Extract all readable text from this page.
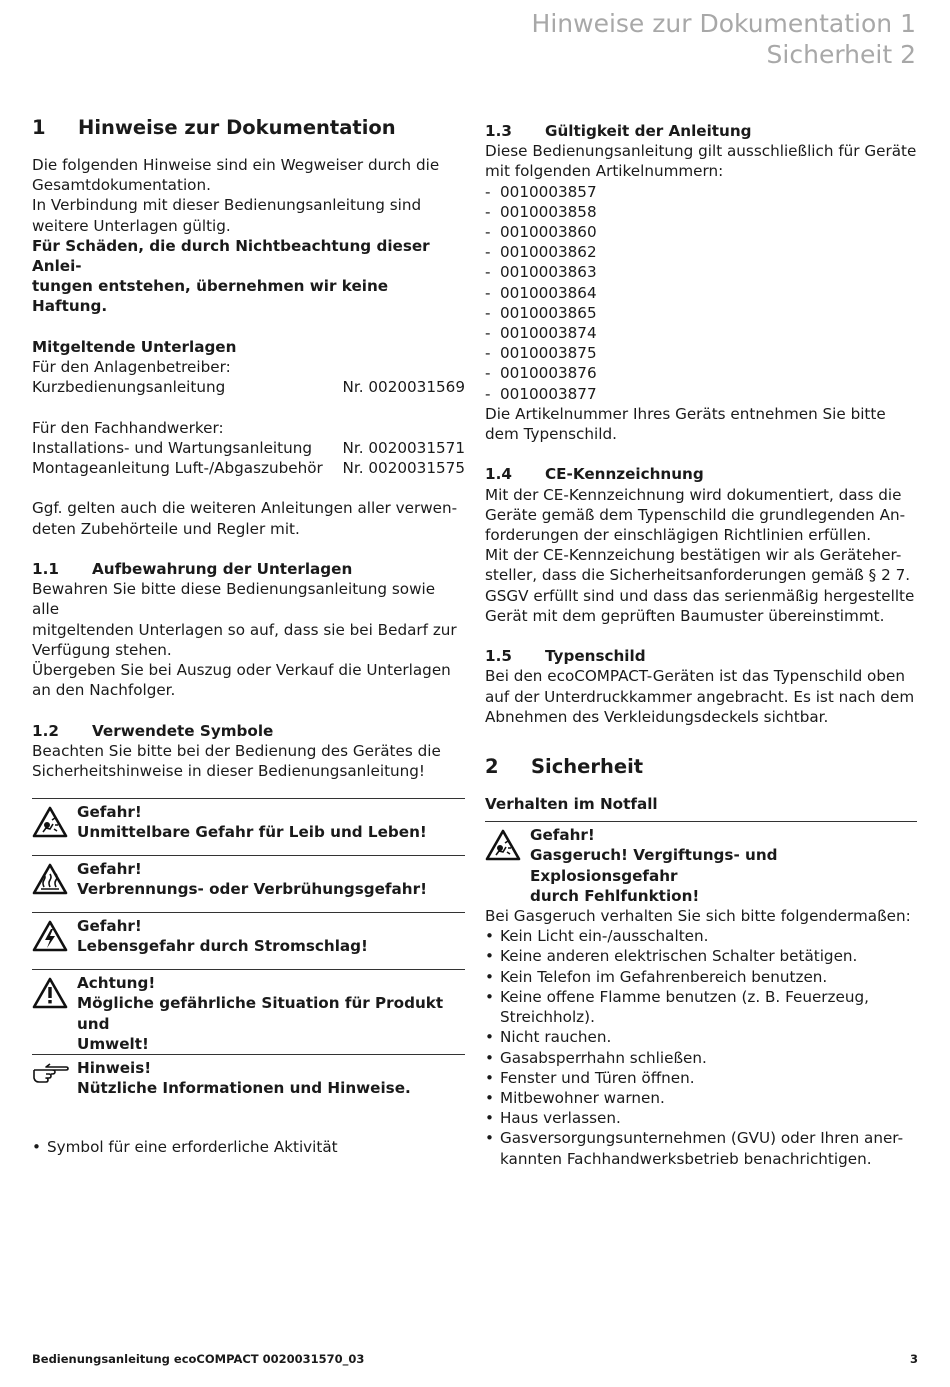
Hinweise zur Dokumentation 1
Sicherheit 2
1 Hinweise zur Dokumentation

Die folgenden Hinweise sind ein Wegweiser durch die

Gesamtdokumentation.

In Verbindung mit dieser Bedienungsanleitung sind

weitere Unterlagen gültig.

Für Schäden, die durch Nichtbeachtung dieser Anlei-

tungen entstehen, übernehmen wir keine Haftung.

Mitgeltende Unterlagen

Für den Anlagenbetreiber:

Kurzbedienungsanleitung	Nr. 0020031569

Für den Fachhandwerker:

Installations- und Wartungsanleitung Nr. 0020031571
Montageanleitung Luft-/Abgaszubehör Nr. 0020031575

Ggf. gelten auch die weiteren Anleitungen aller verwen-

deten Zubehörteile und Regler mit.

1.1 Aufbewahrung der Unterlagen

Bewahren Sie bitte diese Bedienungsanleitung sowie alle

mitgeltenden Unterlagen so auf, dass sie bei Bedarf zur

Verfügung stehen.

Übergeben Sie bei Auszug oder Verkauf die Unterlagen

an den Nachfolger.

1.2 Verwendete Symbole

Beachten Sie bitte bei der Bedienung des Gerätes die

Sicherheitshinweise in dieser Bedienungsanleitung!

Gefahr!
Unmittelbare Gefahr für Leib und Leben!
Gefahr!
Verbrennungs- oder Verbrühungsgefahr!
Gefahr!
Lebensgefahr durch Stromschlag!
Achtung!
Mögliche gefährliche Situation für Produkt und
Umwelt!
Hinweis!
Nützliche Informationen und Hinweise.
• Symbol für eine erforderliche Aktivität
1.3 Gültigkeit der Anleitung

Diese Bedienungsanleitung gilt ausschließlich für Geräte

mit folgenden Artikelnummern:

- 0010003857
- 0010003858
- 0010003860
- 0010003862
- 0010003863
- 0010003864
- 0010003865
- 0010003874
- 0010003875
- 0010003876
- 0010003877

Die Artikelnummer Ihres Geräts entnehmen Sie bitte

dem Typenschild.

1.4 CE-Kennzeichnung

Mit der CE-Kennzeichnung wird dokumentiert, dass die

Geräte gemäß dem Typenschild die grundlegenden An-

forderungen der einschlägigen Richtlinien erfüllen.

Mit der CE-Kennzeichung bestätigen wir als Geräteher-

steller, dass die Sicherheitsanforderungen gemäß § 2 7.

GSGV erfüllt sind und dass das serienmäßig hergestellte

Gerät mit dem geprüften Baumuster übereinstimmt.

1.5 Typenschild

Bei den ecoCOMPACT-Geräten ist das Typenschild oben

auf der Unterdruckkammer angebracht. Es ist nach dem

Abnehmen des Verkleidungsdeckels sichtbar.

2 Sicherheit

Verhalten im Notfall

Gefahr!
Gasgeruch! Vergiftungs- und Explosionsgefahr
durch Fehlfunktion!

Bei Gasgeruch verhalten Sie sich bitte folgendermaßen:

• Kein Licht ein-/ausschalten.
• Keine anderen elektrischen Schalter betätigen.
• Kein Telefon im Gefahrenbereich benutzen.
• Keine offene Flamme benutzen (z. B. Feuerzeug,
Streichholz).
• Nicht rauchen.
• Gasabsperrhahn schließen.
• Fenster und Türen öffnen.
• Mitbewohner warnen.
• Haus verlassen.
• Gasversorgungsunternehmen (GVU) oder Ihren aner-
kannten Fachhandwerksbetrieb benachrichtigen.
Bedienungsanleitung ecoCOMPACT 0020031570_03	3
